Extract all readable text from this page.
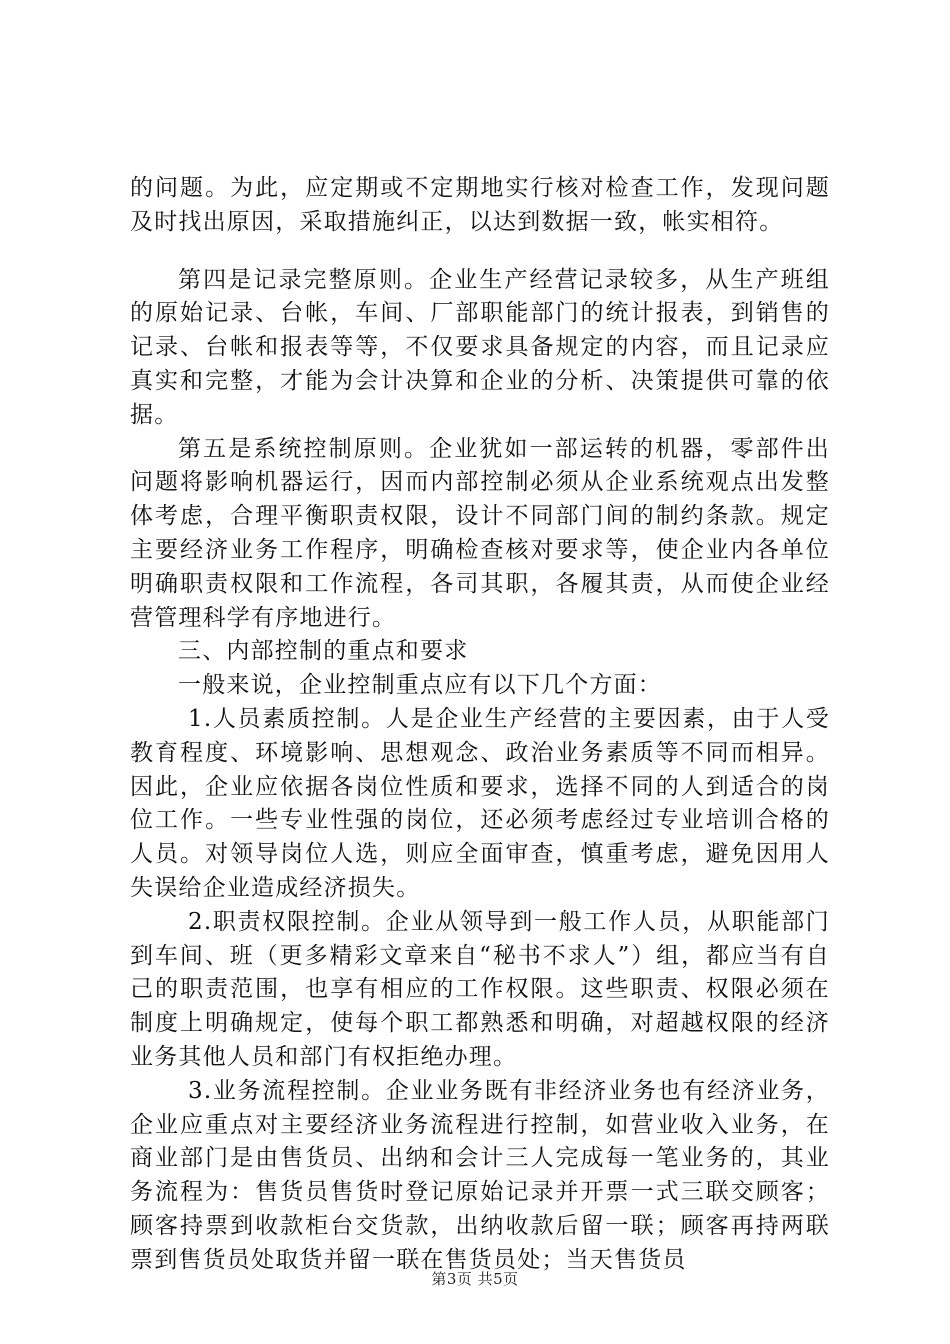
的问题。为此，应定期或不定期地实行核对检查工作，发现问题及时找出原因，采取措施纠正，以达到数据一致，帐实相符。

第四是记录完整原则。企业生产经营记录较多，从生产班组的原始记录、台帐，车间、厂部职能部门的统计报表，到销售的记录、台帐和报表等等，不仅要求具备规定的内容，而且记录应真实和完整，才能为会计决算和企业的分析、决策提供可靠的依据。

第五是系统控制原则。企业犹如一部运转的机器，零部件出问题将影响机器运行，因而内部控制必须从企业系统观点出发整体考虑，合理平衡职责权限，设计不同部门间的制约条款。规定主要经济业务工作程序，明确检查核对要求等，使企业内各单位明确职责权限和工作流程，各司其职，各履其责，从而使企业经营管理科学有序地进行。

三、内部控制的重点和要求

一般来说，企业控制重点应有以下几个方面：

1.人员素质控制。人是企业生产经营的主要因素，由于人受教育程度、环境影响、思想观念、政治业务素质等不同而相异。因此，企业应依据各岗位性质和要求，选择不同的人到适合的岗位工作。一些专业性强的岗位，还必须考虑经过专业培训合格的人员。对领导岗位人选，则应全面审查，慎重考虑，避免因用人失误给企业造成经济损失。

2.职责权限控制。企业从领导到一般工作人员，从职能部门到车间、班（更多精彩文章来自“秘书不求人”）组，都应当有自己的职责范围，也享有相应的工作权限。这些职责、权限必须在制度上明确规定，使每个职工都熟悉和明确，对超越权限的经济业务其他人员和部门有权拒绝办理。

3.业务流程控制。企业业务既有非经济业务也有经济业务，企业应重点对主要经济业务流程进行控制，如营业收入业务，在商业部门是由售货员、出纳和会计三人完成每一笔业务的，其业务流程为：售货员售货时登记原始记录并开票一式三联交顾客；顾客持票到收款柜台交货款，出纳收款后留一联；顾客再持两联票到售货员处取货并留一联在售货员处；当天售货员

第3页 共5页
